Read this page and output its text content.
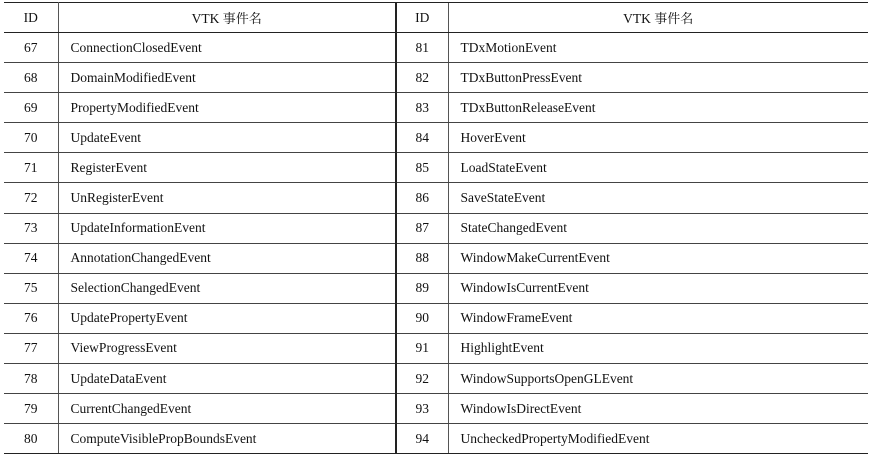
ID	VTK 事件名	ID	VTK 事件名
67	ConnectionClosedEvent	81	TDxMotionEvent
68	DomainModifiedEvent	82	TDxButtonPressEvent
69	PropertyModifiedEvent	83	TDxButtonReleaseEvent
70	UpdateEvent	84	HoverEvent
71	RegisterEvent	85	LoadStateEvent
72	UnRegisterEvent	86	SaveStateEvent
73	UpdateInformationEvent	87	StateChangedEvent
74	AnnotationChangedEvent	88	WindowMakeCurrentEvent
75	SelectionChangedEvent	89	WindowIsCurrentEvent
76	UpdatePropertyEvent	90	WindowFrameEvent
77	ViewProgressEvent	91	HighlightEvent
78	UpdateDataEvent	92	WindowSupportsOpenGLEvent
79	CurrentChangedEvent	93	WindowIsDirectEvent
80	ComputeVisiblePropBoundsEvent	94	UncheckedPropertyModifiedEvent
